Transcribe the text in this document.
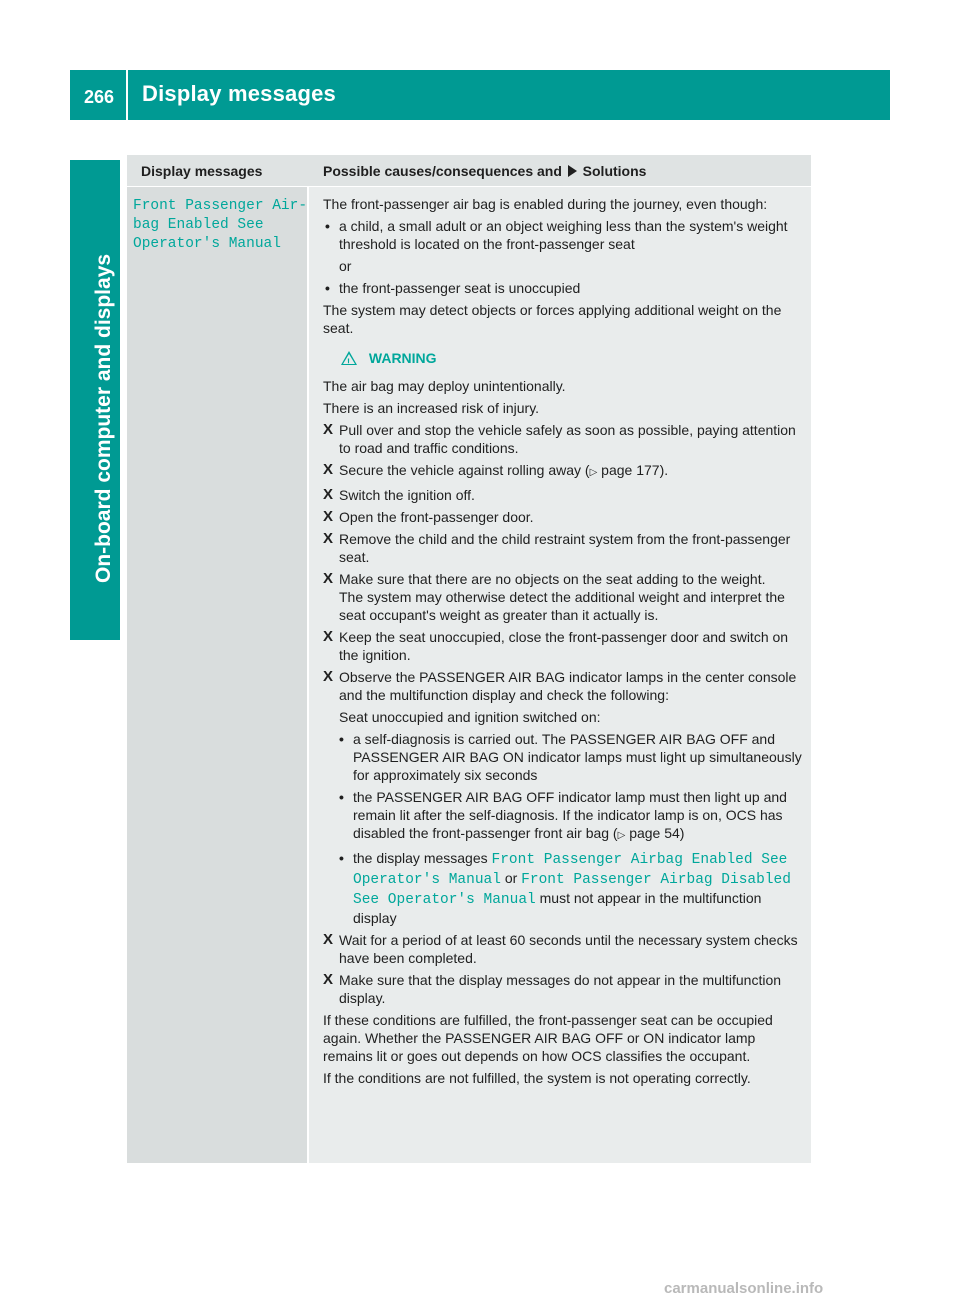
266 Display messages
On-board computer and displays
Display messages	Possible causes/consequences and Solutions
Front Passenger Air‐
bag Enabled See
Operator's Manual

The front-passenger air bag is enabled during the journey, even though:

• a child, a small adult or an object weighing less than the system's weight threshold is located on the front-passenger seat
or
• the front-passenger seat is unoccupied

The system may detect objects or forces applying additional weight on the seat.

! WARNING

The air bag may deploy unintentionally.

There is an increased risk of injury.

X Pull over and stop the vehicle safely as soon as possible, paying attention to road and traffic conditions.
X Secure the vehicle against rolling away (▷ page 177).
X Switch the ignition off.
X Open the front-passenger door.
X Remove the child and the child restraint system from the front-passenger seat.
X Make sure that there are no objects on the seat adding to the weight.
The system may otherwise detect the additional weight and interpret the seat occupant's weight as greater than it actually is.
X Keep the seat unoccupied, close the front-passenger door and switch on the ignition.
X Observe the PASSENGER AIR BAG indicator lamps in the center console and the multifunction display and check the following:
Seat unoccupied and ignition switched on:
• a self-diagnosis is carried out. The PASSENGER AIR BAG OFF and PASSENGER AIR BAG ON indicator lamps must light up simultaneously for approximately six seconds
• the PASSENGER AIR BAG OFF indicator lamp must then light up and remain lit after the self-diagnosis. If the indicator lamp is on, OCS has disabled the front-passenger front air bag (▷ page 54)
• the display messages Front Passenger Airbag Enabled See Operator's Manual or Front Passenger Airbag Disabled See Operator's Manual must not appear in the multifunction display
X Wait for a period of at least 60 seconds until the necessary system checks have been completed.
X Make sure that the display messages do not appear in the multifunction display.

If these conditions are fulfilled, the front-passenger seat can be occupied again. Whether the PASSENGER AIR BAG OFF or ON indicator lamp remains lit or goes out depends on how OCS classifies the occupant.

If the conditions are not fulfilled, the system is not operating correctly.

carmanualsonline.info
